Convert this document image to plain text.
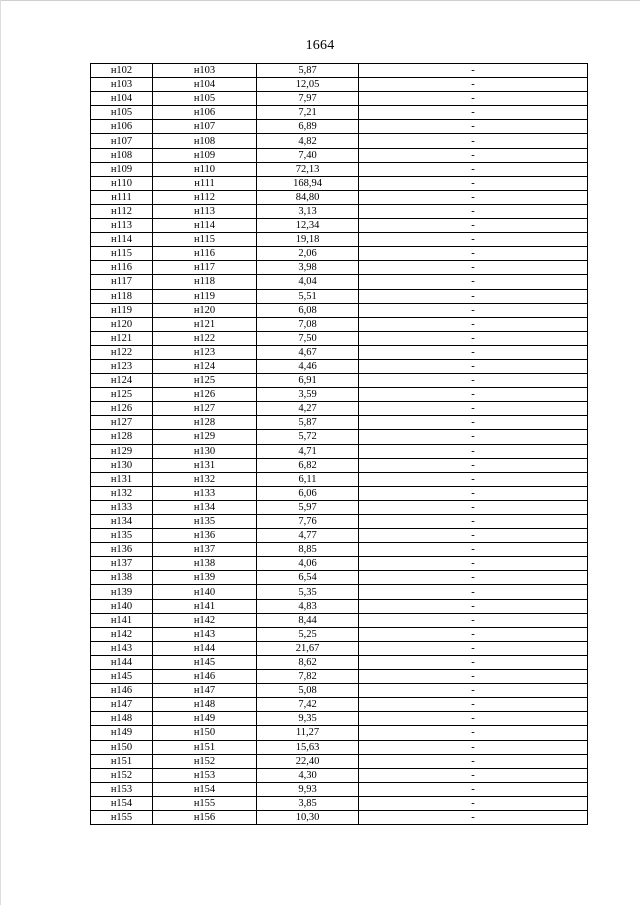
1664
н102	н103	5,87	-
н103	н104	12,05	-
н104	н105	7,97	-
н105	н106	7,21	-
н106	н107	6,89	-
н107	н108	4,82	-
н108	н109	7,40	-
н109	н110	72,13	-
н110	н111	168,94	-
н111	н112	84,80	-
н112	н113	3,13	-
н113	н114	12,34	-
н114	н115	19,18	-
н115	н116	2,06	-
н116	н117	3,98	-
н117	н118	4,04	-
н118	н119	5,51	-
н119	н120	6,08	-
н120	н121	7,08	-
н121	н122	7,50	-
н122	н123	4,67	-
н123	н124	4,46	-
н124	н125	6,91	-
н125	н126	3,59	-
н126	н127	4,27	-
н127	н128	5,87	-
н128	н129	5,72	-
н129	н130	4,71	-
н130	н131	6,82	-
н131	н132	6,11	-
н132	н133	6,06	-
н133	н134	5,97	-
н134	н135	7,76	-
н135	н136	4,77	-
н136	н137	8,85	-
н137	н138	4,06	-
н138	н139	6,54	-
н139	н140	5,35	-
н140	н141	4,83	-
н141	н142	8,44	-
н142	н143	5,25	-
н143	н144	21,67	-
н144	н145	8,62	-
н145	н146	7,82	-
н146	н147	5,08	-
н147	н148	7,42	-
н148	н149	9,35	-
н149	н150	11,27	-
н150	н151	15,63	-
н151	н152	22,40	-
н152	н153	4,30	-
н153	н154	9,93	-
н154	н155	3,85	-
н155	н156	10,30	-
